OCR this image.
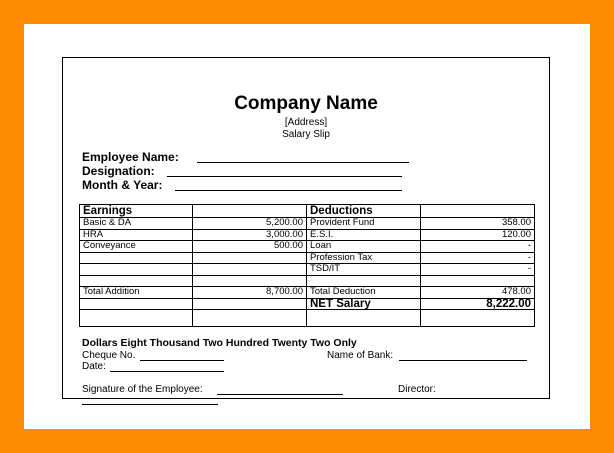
Company Name
[Address]
Salary Slip
Employee Name:
Designation:
Month & Year:
Earnings		Deductions	
Basic & DA	5,200.00	Provident Fund	358.00
HRA	3,000.00	E.S.I.	120.00
Conveyance	500.00	Loan	-
		Profession Tax	-
		TSD/IT	-

Total Addition	8,700.00	Total Deduction	478.00
		NET Salary	8,222.00

Dollars Eight Thousand Two Hundred Twenty Two Only
Cheque No.	Name of Bank:
Date:
Signature of the Employee:	Director:
